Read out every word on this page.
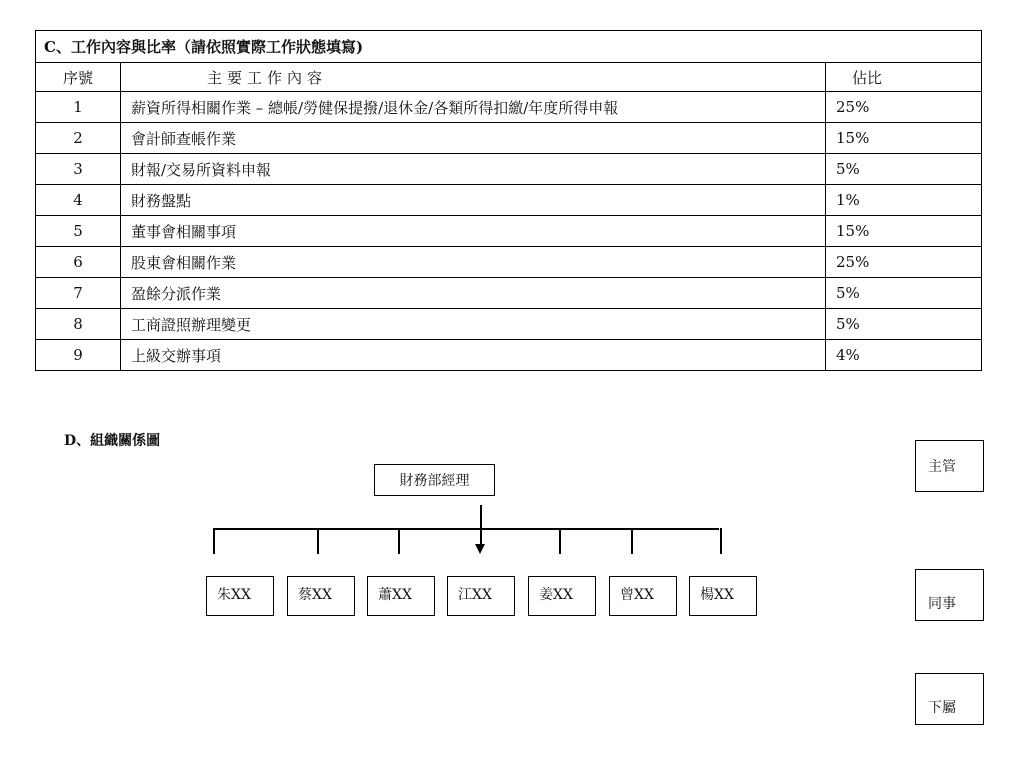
C、工作內容與比率（請依照實際工作狀態填寫)		
序號	主要工作內容	佔比
1	薪資所得相關作業 – 總帳/勞健保提撥/退休金/各類所得扣繳/年度所得申報	25%
2	會計師查帳作業	15%
3	財報/交易所資料申報	5%
4	財務盤點	1%
5	董事會相關事項	15%
6	股東會相關作業	25%
7	盈餘分派作業	5%
8	工商證照辦理變更	5%
9	上級交辦事項	4%
D、組織關係圖
財務部經理
朱XX	蔡XX	蕭XX	江XX	姜XX	曾XX	楊XX
主管
同事
下屬
